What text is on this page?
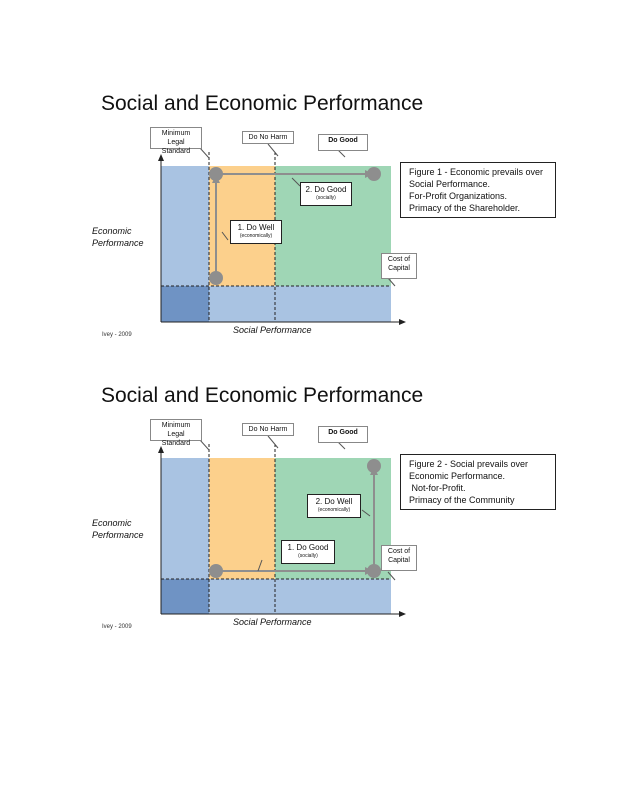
Social and Economic Performance
Minimum Legal Standard
Do No Harm	Do Good
Cost of Capital
1. Do Well
(economically)
2. Do Good
(socially)
Economic Performance
Social Performance
Ivey - 2009
Figure 1 - Economic prevails over
Social Performance.
For-Profit Organizations.
Primacy of the Shareholder.
Social and Economic Performance
Minimum Legal Standard
Do No Harm	Do Good
Cost of Capital
1. Do Good
(socially)
2. Do Well
(economically)
Economic Performance
Social Performance
Ivey - 2009
Figure 2 - Social prevails over
Economic Performance.
Not-for-Profit.
Primacy of the Community
